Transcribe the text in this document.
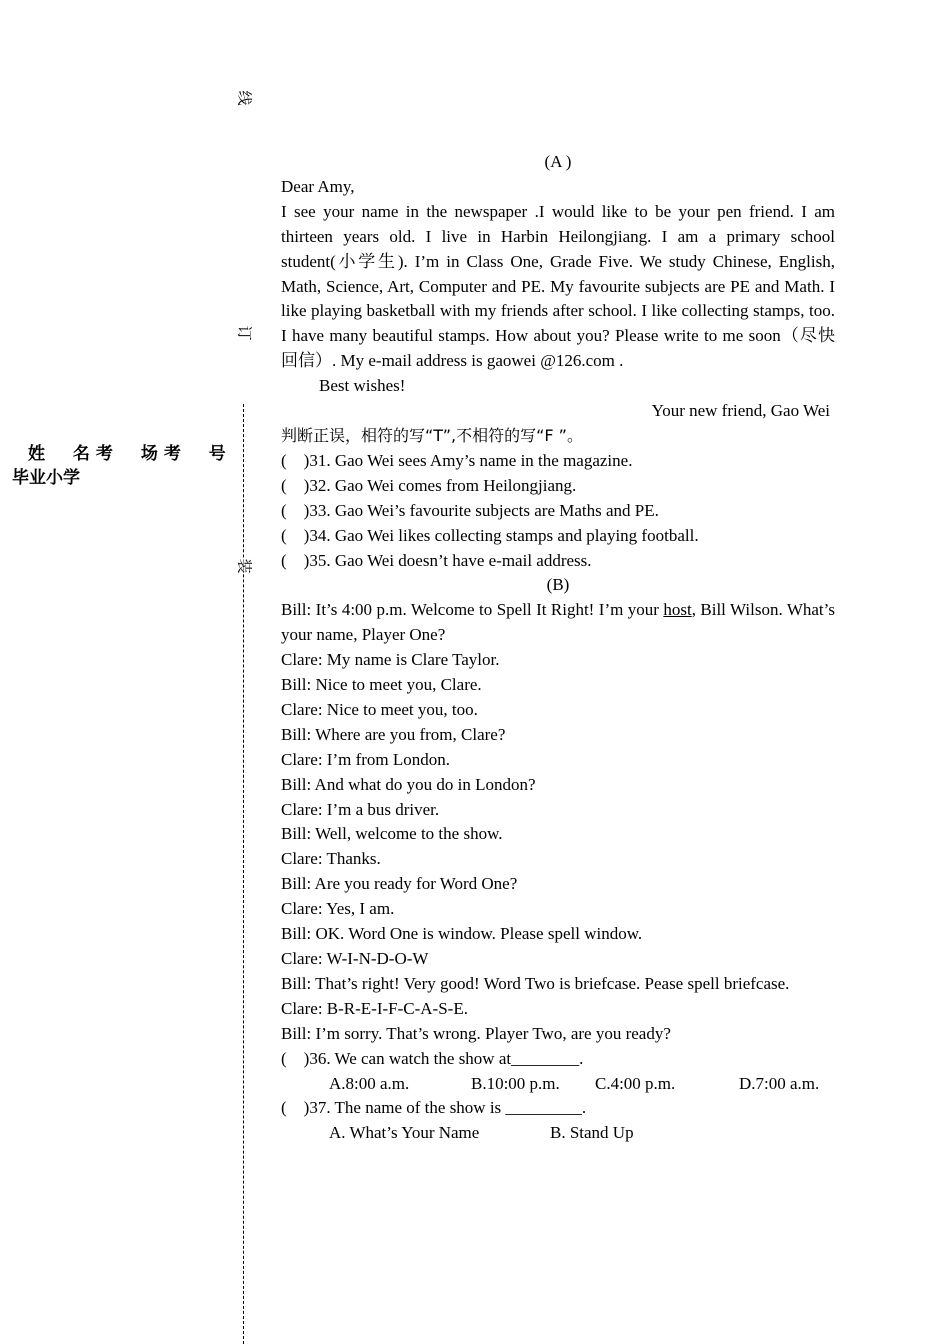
线
订
装
姓 名考 场考 号
毕业小学

(A )

Dear Amy,

I see your name in the newspaper .I would like to be your pen friend. I am thirteen years old. I live in Harbin Heilongjiang. I am a primary school student(小学生). I’m in Class One, Grade Five. We study Chinese, English, Math, Science, Art, Computer and PE. My favourite subjects are PE and Math. I like playing basketball with my friends after school. I like collecting stamps, too. I have many beautiful stamps. How about you? Please write to me soon（尽快回信）. My e-mail address is gaowei @126.com .

Best wishes!

Your new friend, Gao Wei

判断正误，相符的写“T”,不相符的写“F ”。

(    )31. Gao Wei sees Amy’s name in the magazine.

(    )32. Gao Wei comes from Heilongjiang.

(    )33. Gao Wei’s favourite subjects are Maths and PE.

(    )34. Gao Wei likes collecting stamps and playing football.

(    )35. Gao Wei doesn’t have e-mail address.

(B)

Bill: It’s 4:00 p.m. Welcome to Spell It Right! I’m your host, Bill Wilson. What’s your name, Player One?

Clare: My name is Clare Taylor.

Bill: Nice to meet you, Clare.

Clare: Nice to meet you, too.

Bill: Where are you from, Clare?

Clare: I’m from London.

Bill: And what do you do in London?

Clare: I’m a bus driver.

Bill: Well, welcome to the show.

Clare: Thanks.

Bill: Are you ready for Word One?

Clare: Yes, I am.

Bill: OK. Word One is window. Please spell window.

Clare: W-I-N-D-O-W

Bill: That’s right! Very good! Word Two is briefcase. Pease spell briefcase.

Clare: B-R-E-I-F-C-A-S-E.

Bill: I’m sorry. That’s wrong. Player Two, are you ready?

(    )36. We can watch the show at________.

A.8:00 a.m.	B.10:00 p.m.	C.4:00 p.m.	D.7:00 a.m.

(    )37. The name of the show is _________.

A. What’s Your Name	B. Stand Up
